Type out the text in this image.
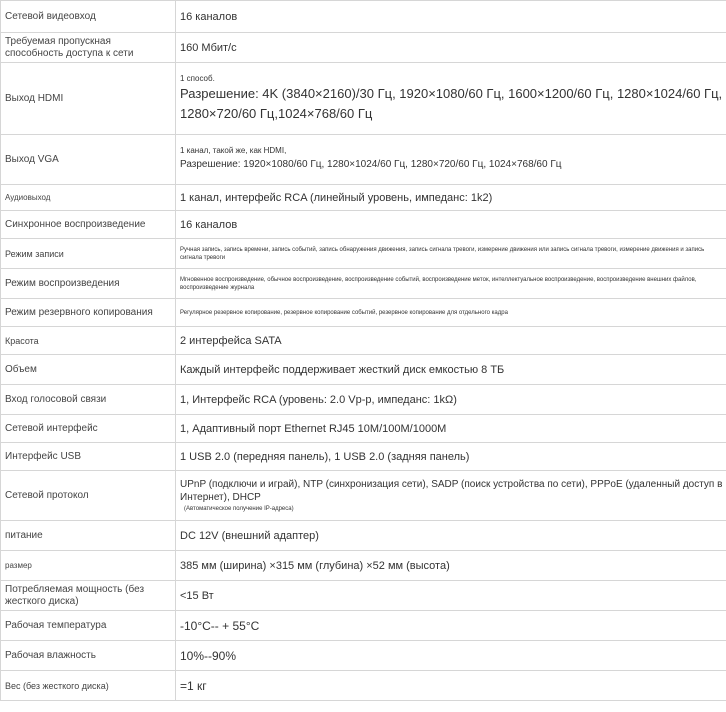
Сетевой видеовход	16 каналов
Требуемая пропускная способность доступа к сети	160 Мбит/с
Выход HDMI	1 способ.
Разрешение: 4K (3840×2160)/30 Гц, 1920×1080/60 Гц, 1600×1200/60 Гц, 1280×1024/60 Гц, 1280×720/60 Гц,1024×768/60 Гц

Выход VGA	1 канал, такой же, как HDMI,
Разрешение: 1920×1080/60 Гц, 1280×1024/60 Гц, 1280×720/60 Гц, 1024×768/60 Гц

Аудиовыход	1 канал, интерфейс RCA (линейный уровень, импеданс: 1k2)
Синхронное воспроизведение	16 каналов
Режим записи	Ручная запись, запись времени, запись событий, запись обнаружения движения, запись сигнала тревоги, измерение движения или запись сигнала тревоги, измерение движения и запись сигнала тревоги
Режим воспроизведения	Мгновенное воспроизведение, обычное воспроизведение, воспроизведение событий, воспроизведение меток, интеллектуальное воспроизведение, воспроизведение внешних файлов, воспроизведение журнала
Режим резервного копирования	Регулярное резервное копирование, резервное копирование событий, резервное копирование для отдельного кадра
Красота	2 интерфейса SATA
Объем	Каждый интерфейс поддерживает жесткий диск емкостью 8 ТБ
Вход голосовой связи	1, Интерфейс RCA (уровень: 2.0 Vp-p, импеданс: 1kΩ)
Сетевой интерфейс	1, Адаптивный порт Ethernet RJ45 10M/100M/1000M
Интерфейс USB	1 USB 2.0 (передняя панель), 1 USB 2.0 (задняя панель)
Сетевой протокол	UPnP (подключи и играй), NTP (синхронизация сети), SADP (поиск устройства по сети), PPPoE (удаленный доступ в Интернет), DHCP
(Автоматическое получение IP-адреса)

питание	DC 12V (внешний адаптер)
размер	385 мм (ширина) ×315 мм (глубина) ×52 мм (высота)
Потребляемая мощность (без жесткого диска)	<15 Вт
Рабочая температура	-10°C-- + 55°C
Рабочая влажность	10%--90%
Вес (без жесткого диска)	=1 кг
